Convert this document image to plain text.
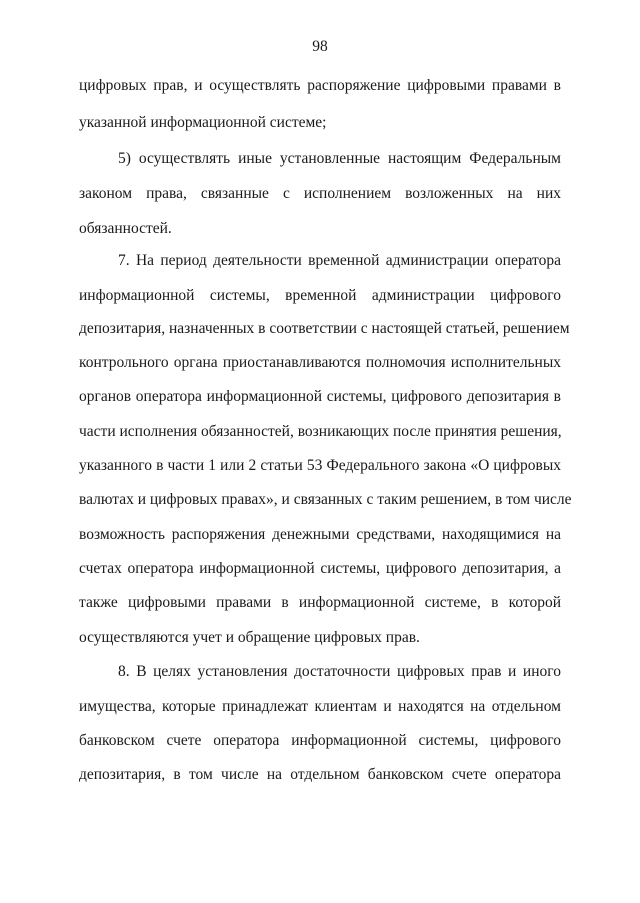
98
цифровых прав, и осуществлять распоряжение цифровыми правами в
указанной информационной системе;
5) осуществлять иные установленные настоящим Федеральным
законом права, связанные с исполнением возложенных на них
обязанностей.
7. На период деятельности временной администрации оператора
информационной системы, временной администрации цифрового
депозитария, назначенных в соответствии с настоящей статьей, решением
контрольного органа приостанавливаются полномочия исполнительных
органов оператора информационной системы, цифрового депозитария в
части исполнения обязанностей, возникающих после принятия решения,
указанного в части 1 или 2 статьи 53 Федерального закона «О цифровых
валютах и цифровых правах», и связанных с таким решением, в том числе
возможность распоряжения денежными средствами, находящимися на
счетах оператора информационной системы, цифрового депозитария, а
также цифровыми правами в информационной системе, в которой
осуществляются учет и обращение цифровых прав.
8. В целях установления достаточности цифровых прав и иного
имущества, которые принадлежат клиентам и находятся на отдельном
банковском счете оператора информационной системы, цифрового
депозитария, в том числе на отдельном банковском счете оператора
